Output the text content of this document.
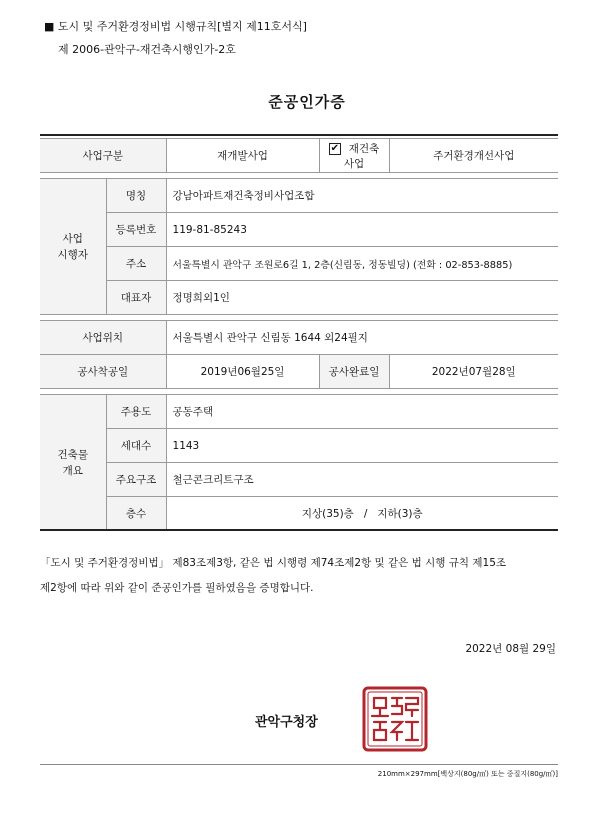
■ 도시 및 주거환경정비법 시행규칙[별지 제11호서식]
제 2006-관악구-재건축시행인가-2호
준공인가증
사업구분		재개발사업	✔ 재건축사업	주거환경개선사업

사업
시행자	명칭	강남아파트재건축정비사업조합		
	등록번호	119-81-85243		
	주소	서울특별시 관악구 조원로6길 1, 2층(신림동, 정동빌딩) (전화 : 02-853-8885)		
	대표자	정명희외1인		

사업위치		서울특별시 관악구 신림동 1644 외24필지		
공사착공일		2019년06월25일	공사완료일	2022년07월28일

건축물
개요	주용도	공동주택		
	세대수	1143		
	주요구조	철근콘크리트구조		
	층수	지상(35)층   /   지하(3)층		
「도시 및 주거환경정비법」 제83조제3항, 같은 법 시행령 제74조제2항 및 같은 법 시행 규칙 제15조
제2항에 따라 위와 같이 준공인가를 필하였음을 증명합니다.
2022년 08월 29일
관악구청장
210mm×297mm[백상지(80g/㎡) 또는 중질지(80g/㎡)]
